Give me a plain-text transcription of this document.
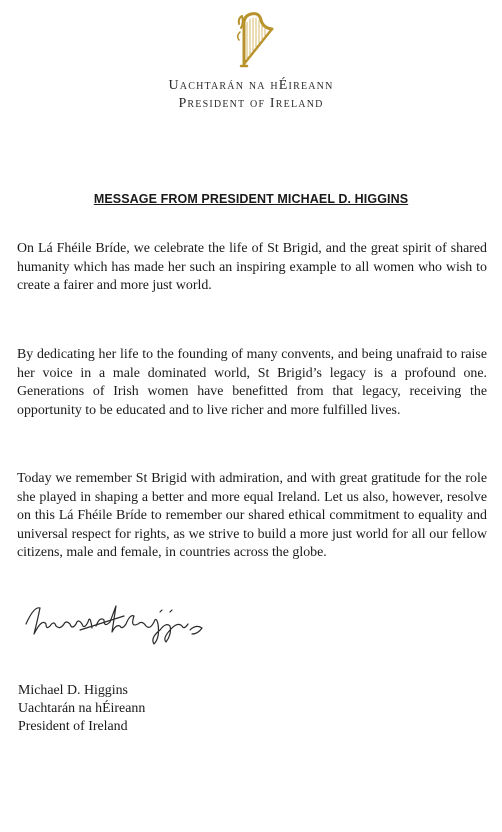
Uachtarán na hÉireann
President of Ireland
MESSAGE FROM PRESIDENT MICHAEL D. HIGGINS

On Lá Fhéile Bríde, we celebrate the life of St Brigid, and the great spirit of shared humanity which has made her such an inspiring example to all women who wish to create a fairer and more just world.

By dedicating her life to the founding of many convents, and being unafraid to raise her voice in a male dominated world, St Brigid’s legacy is a profound one. Generations of Irish women have benefitted from that legacy, receiving the opportunity to be educated and to live richer and more fulfilled lives.

Today we remember St Brigid with admiration, and with great gratitude for the role she played in shaping a better and more equal Ireland. Let us also, however, resolve on this Lá Fhéile Bríde to remember our shared ethical commitment to equality and universal respect for rights, as we strive to build a more just world for all our fellow citizens, male and female, in countries across the globe.

Michael D. Higgins
Uachtarán na hÉireann
President of Ireland
